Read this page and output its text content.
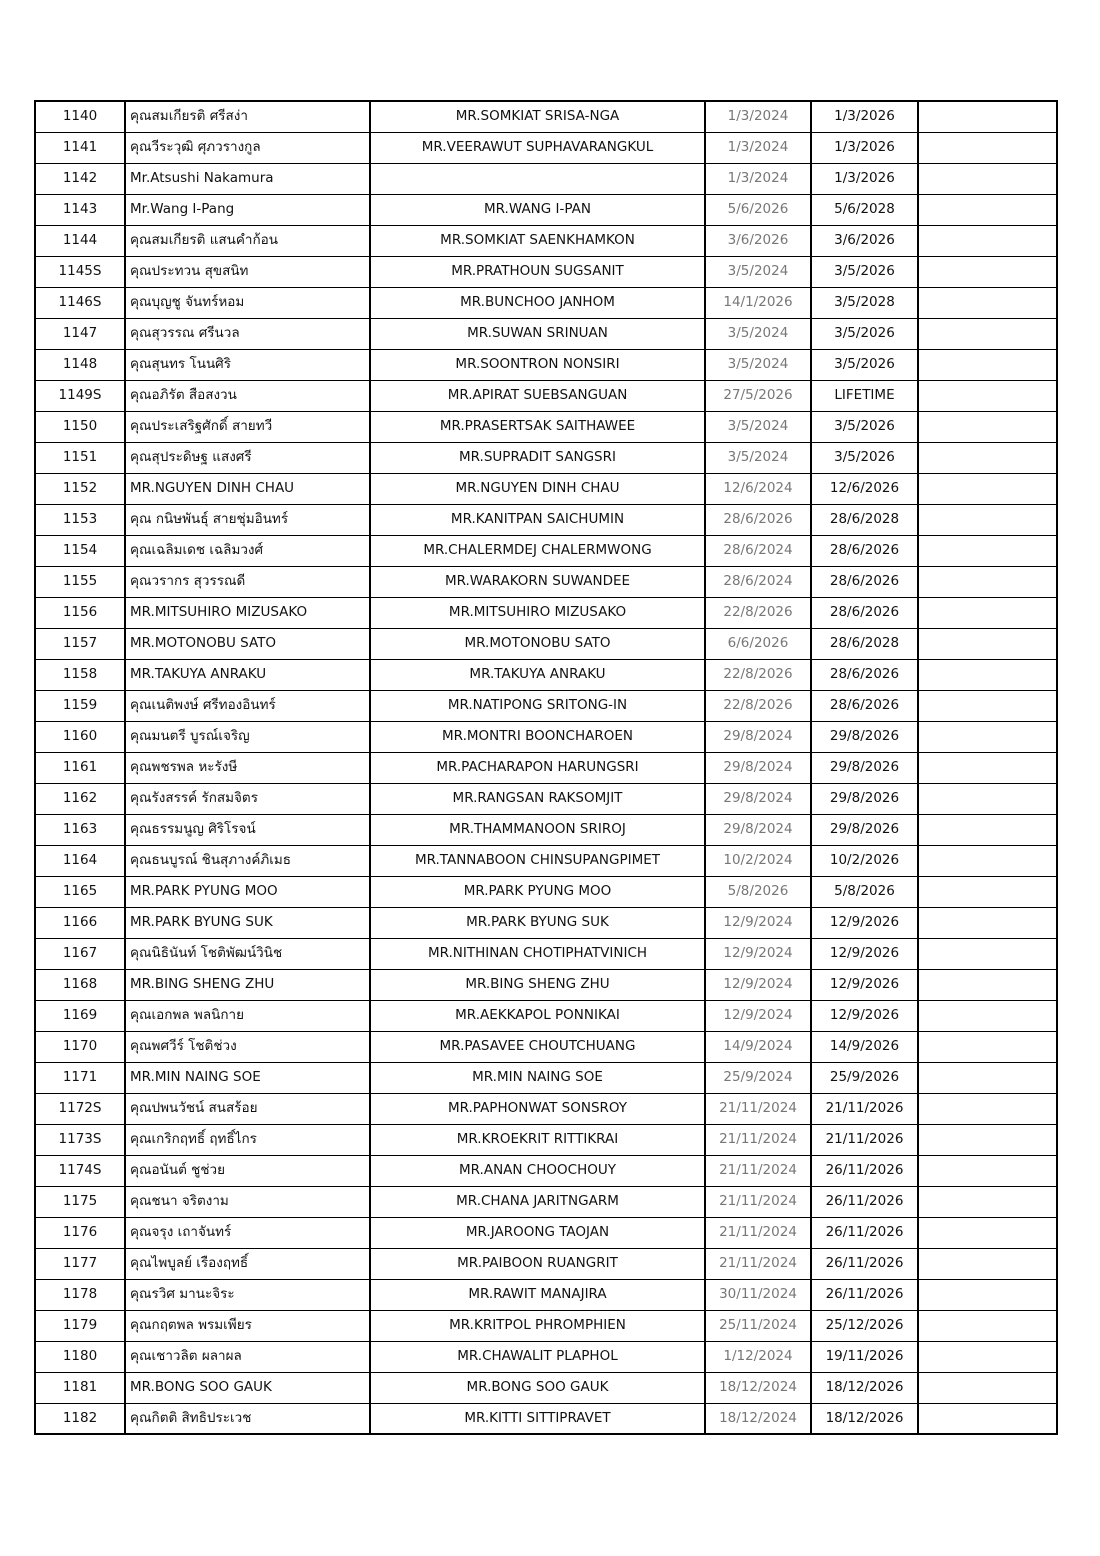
1140	คุณสมเกียรติ ศรีสง่า	MR.SOMKIAT SRISA-NGA	1/3/2024	1/3/2026	
1141	คุณวีระวุฒิ ศุภวรางกูล	MR.VEERAWUT SUPHAVARANGKUL	1/3/2024	1/3/2026	
1142	Mr.Atsushi Nakamura		1/3/2024	1/3/2026	
1143	Mr.Wang I-Pang	MR.WANG I-PAN	5/6/2026	5/6/2028	
1144	คุณสมเกียรติ แสนคำก้อน	MR.SOMKIAT SAENKHAMKON	3/6/2026	3/6/2026	
1145S	คุณประทวน สุขสนิท	MR.PRATHOUN SUGSANIT	3/5/2024	3/5/2026	
1146S	คุณบุญชู จันทร์หอม	MR.BUNCHOO JANHOM	14/1/2026	3/5/2028	
1147	คุณสุวรรณ ศรีนวล	MR.SUWAN SRINUAN	3/5/2024	3/5/2026	
1148	คุณสุนทร โนนศิริ	MR.SOONTRON NONSIRI	3/5/2024	3/5/2026	
1149S	คุณอภิรัต สือสงวน	MR.APIRAT SUEBSANGUAN	27/5/2026	LIFETIME	
1150	คุณประเสริฐศักดิ์ สายทวี	MR.PRASERTSAK SAITHAWEE	3/5/2024	3/5/2026	
1151	คุณสุประดิษฐ แสงศรี	MR.SUPRADIT SANGSRI	3/5/2024	3/5/2026	
1152	MR.NGUYEN DINH CHAU	MR.NGUYEN DINH CHAU	12/6/2024	12/6/2026	
1153	คุณ กนิษพันธุ์ สายชุ่มอินทร์	MR.KANITPAN SAICHUMIN	28/6/2026	28/6/2028	
1154	คุณเฉลิมเดช เฉลิมวงศ์	MR.CHALERMDEJ CHALERMWONG	28/6/2024	28/6/2026	
1155	คุณวรากร สุวรรณดี	MR.WARAKORN SUWANDEE	28/6/2024	28/6/2026	
1156	MR.MITSUHIRO MIZUSAKO	MR.MITSUHIRO MIZUSAKO	22/8/2026	28/6/2026	
1157	MR.MOTONOBU SATO	MR.MOTONOBU SATO	6/6/2026	28/6/2028	
1158	MR.TAKUYA ANRAKU	MR.TAKUYA ANRAKU	22/8/2026	28/6/2026	
1159	คุณเนติพงษ์ ศรีทองอินทร์	MR.NATIPONG SRITONG-IN	22/8/2026	28/6/2026	
1160	คุณมนตรี บูรณ์เจริญ	MR.MONTRI BOONCHAROEN	29/8/2024	29/8/2026	
1161	คุณพชรพล หะรังษี	MR.PACHARAPON HARUNGSRI	29/8/2024	29/8/2026	
1162	คุณรังสรรค์ รักสมจิตร	MR.RANGSAN RAKSOMJIT	29/8/2024	29/8/2026	
1163	คุณธรรมนูญ ศิริโรจน์	MR.THAMMANOON SRIROJ	29/8/2024	29/8/2026	
1164	คุณธนบูรณ์ ชินสุภางค์ภิเมธ	MR.TANNABOON CHINSUPANGPIMET	10/2/2024	10/2/2026	
1165	MR.PARK PYUNG MOO	MR.PARK PYUNG MOO	5/8/2026	5/8/2026	
1166	MR.PARK BYUNG SUK	MR.PARK BYUNG SUK	12/9/2024	12/9/2026	
1167	คุณนิธินันท์ โชติพัฒน์วินิช	MR.NITHINAN CHOTIPHATVINICH	12/9/2024	12/9/2026	
1168	MR.BING SHENG ZHU	MR.BING SHENG ZHU	12/9/2024	12/9/2026	
1169	คุณเอกพล พลนิกาย	MR.AEKKAPOL PONNIKAI	12/9/2024	12/9/2026	
1170	คุณพศวีร์ โชติช่วง	MR.PASAVEE CHOUTCHUANG	14/9/2024	14/9/2026	
1171	MR.MIN NAING SOE	MR.MIN NAING SOE	25/9/2024	25/9/2026	
1172S	คุณปพนวัชน์ สนสร้อย	MR.PAPHONWAT SONSROY	21/11/2024	21/11/2026	
1173S	คุณเกริกฤทธิ์ ฤทธิ์ไกร	MR.KROEKRIT RITTIKRAI	21/11/2024	21/11/2026	
1174S	คุณอนันต์ ชูช่วย	MR.ANAN CHOOCHOUY	21/11/2024	26/11/2026	
1175	คุณชนา จริตงาม	MR.CHANA JARITNGARM	21/11/2024	26/11/2026	
1176	คุณจรุง เถาจันทร์	MR.JAROONG TAOJAN	21/11/2024	26/11/2026	
1177	คุณไพบูลย์ เรืองฤทธิ์	MR.PAIBOON RUANGRIT	21/11/2024	26/11/2026	
1178	คุณรวิศ มานะจิระ	MR.RAWIT MANAJIRA	30/11/2024	26/11/2026	
1179	คุณกฤตพล พรมเพียร	MR.KRITPOL PHROMPHIEN	25/11/2024	25/12/2026	
1180	คุณเชาวลิต ผลาผล	MR.CHAWALIT PLAPHOL	1/12/2024	19/11/2026	
1181	MR.BONG SOO GAUK	MR.BONG SOO GAUK	18/12/2024	18/12/2026	
1182	คุณกิตติ สิทธิประเวช	MR.KITTI SITTIPRAVET	18/12/2024	18/12/2026	
